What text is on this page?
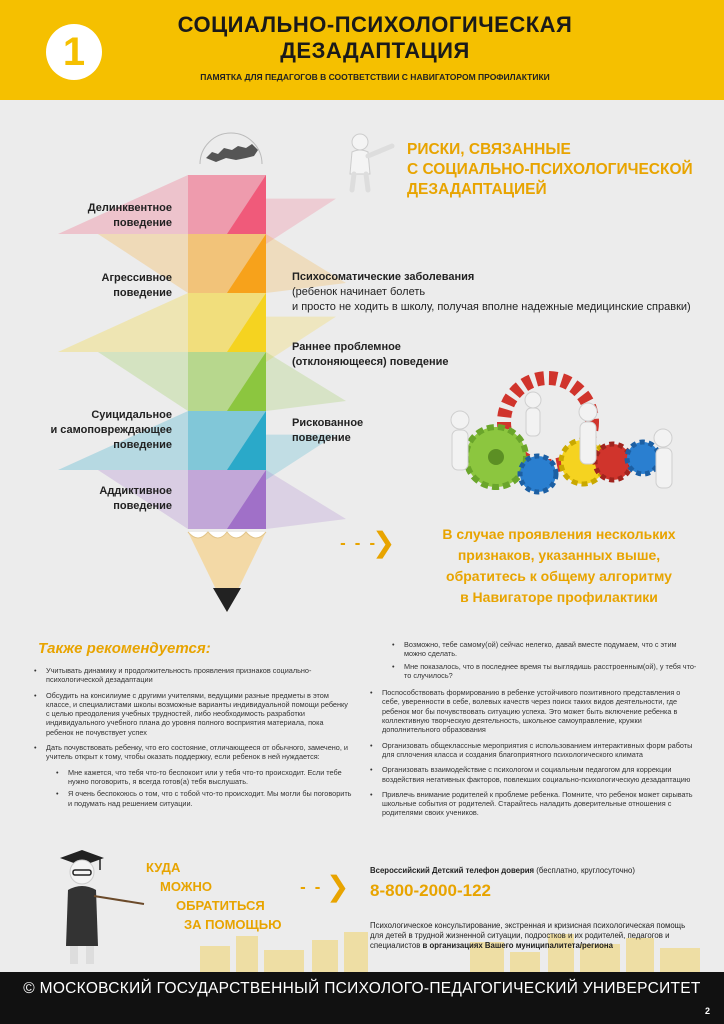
1
СОЦИАЛЬНО-ПСИХОЛОГИЧЕСКАЯ
ДЕЗАДАПТАЦИЯ
ПАМЯТКА ДЛЯ ПЕДАГОГОВ В СООТВЕТСТВИИ С НАВИГАТОРОМ ПРОФИЛАКТИКИ
РИСКИ, СВЯЗАННЫЕ
С СОЦИАЛЬНО-ПСИХОЛОГИЧЕСКОЙ
ДЕЗАДАПТАЦИЕЙ
Делинквентное
поведение
Агрессивное
поведение
Суицидальное
и самоповреждающее
поведение
Аддиктивное
поведение
Психосоматические заболевания
(ребенок начинает болеть
и просто не ходить в школу, получая вполне надежные медицинские справки)
Раннее проблемное
(отклоняющееся) поведение
Рискованное
поведение
- - -
❯	В случае проявления нескольких
признаков, указанных выше,
обратитесь к общему алгоритму
в Навигаторе профилактики
Также рекомендуется:
• Учитывать динамику и продолжительность проявления признаков социально-психологической дезадаптации
• Обсудить на консилиуме с другими учителями, ведущими разные предметы в этом классе, и специалистами школы возможные варианты индивидуальной помощи ребенку с целью преодоления учебных трудностей, либо необходимость разработки индивидуального учебного плана до уровня полного восприятия материала, пока ребенок не почувствует успех
• Дать почувствовать ребенку, что его состояние, отличающееся от обычного, замечено, и учитель открыт к тому, чтобы оказать поддержку, если ребенок в ней нуждается:
• Мне кажется, что тебя что-то беспокоит или у тебя что-то происходит. Если тебе нужно поговорить, я всегда готов(а) тебя выслушать.
• Я очень беспокоюсь о том, что с тобой что-то происходит. Мы могли бы поговорить и подумать над решением ситуации.
• Возможно, тебе самому(ой) сейчас нелегко, давай вместе подумаем, что с этим можно сделать.
• Мне показалось, что в последнее время ты выглядишь расстроенным(ой), у тебя что-то случилось?
• Поспособствовать формированию в ребенке устойчивого позитивного представления о себе, уверенности в себе, волевых качеств через поиск таких видов деятельности, где ребенок мог бы почувствовать ситуацию успеха. Это может быть включение ребенка в коллективную творческую деятельность, школьное самоуправление, кружки дополнительного образования
• Организовать общеклассные мероприятия с использованием интерактивных форм работы для сплочения класса и создания благоприятного психологического климата
• Организовать взаимодействие с психологом и социальным педагогом для коррекции воздействия негативных факторов, повлекших социально-психологическую дезадаптацию
• Привлечь внимание родителей к проблеме ребенка. Помните, что ребенок может скрывать школьные события от родителей. Старайтесь наладить доверительные отношения с родителями своих учеников.
КУДА
МОЖНО
ОБРАТИТЬСЯ
ЗА ПОМОЩЬЮ
- - ❯	Всероссийский Детский телефон доверия (бесплатно, круглосуточно)
8-800-2000-122
Психологическое консультирование, экстренная и кризисная психологическая помощь для детей в трудной жизненной ситуации, подростков и их родителей, педагогов и специалистов в организациях Вашего муниципалитета/региона
© МОСКОВСКИЙ ГОСУДАРСТВЕННЫЙ ПСИХОЛОГО-ПЕДАГОГИЧЕСКИЙ УНИВЕРСИТЕТ
2
